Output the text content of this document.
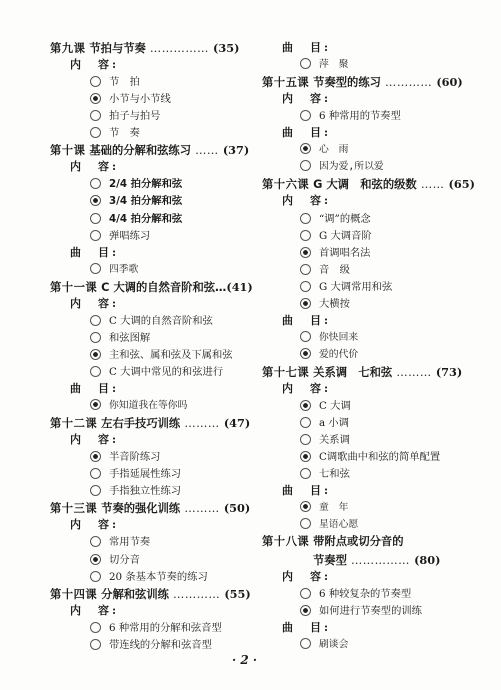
第九课 节拍与节奏 …………… (35)
内　容:
节　拍
小节与小节线
拍子与拍号
节　奏
第十课 基础的分解和弦练习 …… (37)
内　容:
2/4 拍分解和弦
3/4 拍分解和弦
4/4 拍分解和弦
弹唱练习
曲　目:
四季歌
第十一课 C 大调的自然音阶和弦…(41)
内　容:
C 大调的自然音阶和弦
和弦图解
主和弦、属和弦及下属和弦
C 大调中常见的和弦进行
曲　目:
你知道我在等你吗
第十二课 左右手技巧训练 ……… (47)
内　容:
半音阶练习
手指延展性练习
手指独立性练习
第十三课 节奏的强化训练 ……… (50)
内　容:
常用节奏
切分音
20 条基本节奏的练习
第十四课 分解和弦训练 ………… (55)
内　容:
6 种常用的分解和弦音型
带连线的分解和弦音型
曲　目:
萍　聚
第十五课 节奏型的练习 ………… (60)
内　容:
6 种常用的节奏型
曲　目:
心　雨
因为爱,所以爱
第十六课 G 大调　和弦的级数 …… (65)
内　容:
“调”的概念
G 大调音阶
首调唱名法
音　级
G 大调常用和弦
大横按
曲　目:
你快回来
爱的代价
第十七课 关系调　七和弦 ……… (73)
内　容:
C 大调
a 小调
关系调
C调歌曲中和弦的简单配置
七和弦
曲　目:
童　年
星语心愿
第十八课 带附点或切分音的
节奏型 …………… (80)
内　容:
6 种较复杂的节奏型
如何进行节奏型的训练
曲　目:
刷谈会
· 2 ·
